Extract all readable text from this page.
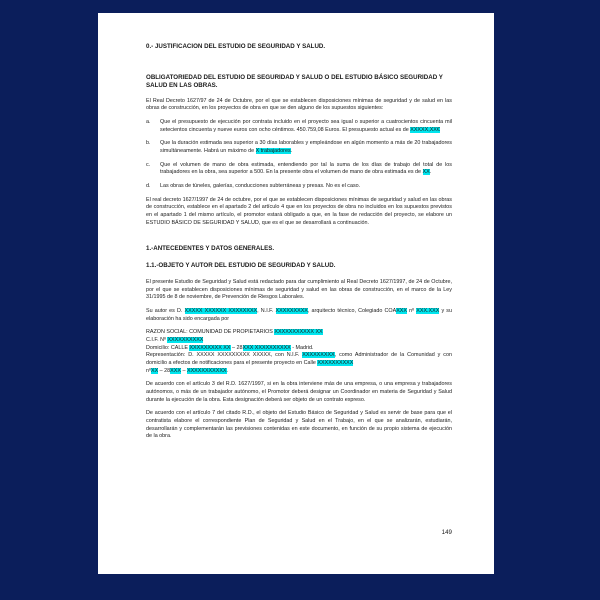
0.- JUSTIFICACION DEL ESTUDIO DE SEGURIDAD Y SALUD.
OBLIGATORIEDAD DEL ESTUDIO DE SEGURIDAD Y SALUD O DEL ESTUDIO BÁSICO SEGURIDAD Y SALUD EN LAS OBRAS.

El Real Decreto 1627/97 de 24 de Octubre, por el que se establecen disposiciones mínimas de seguridad y de salud en las obras de construcción, en los proyectos de obra en que se den alguno de los supuestos siguientes:

a.	Que el presupuesto de ejecución por contrata incluido en el proyecto sea igual o superior a cuatrocientos cincuenta mil setecientos cincuenta y nueve euros con ocho céntimos. 450.759,08 Euros. El presupuesto actual es de XXXXX,XX€
b.	Que la duración estimada sea superior a 30 días laborables y empleándose en algún momento a más de 20 trabajadores simultáneamente. Habrá un máximo de X trabajadores.
c.	Que el volumen de mano de obra estimada, entendiendo por tal la suma de los días de trabajo del total de los trabajadores en la obra, sea superior a 500. En la presente obra el volumen de mano de obra estimada es de XX.
d.	Las obras de túneles, galerías, conducciones subterráneas y presas. No es el caso.

El real decreto 1627/1997 de 24 de octubre, por el que se establecen disposiciones mínimas de seguridad y salud en las obras de construcción, establece en el apartado 2 del artículo 4 que en los proyectos de obra no incluidos en los supuestos previstos en el apartado 1 del mismo artículo, el promotor estará obligado a que, en la fase de redacción del proyecto, se elabore un ESTUDIO BÁSICO DE SEGURIDAD Y SALUD, que es el que se desarrollará a continuación.

1.-ANTECEDENTES Y DATOS GENERALES.
1.1.-OBJETO Y AUTOR DEL ESTUDIO DE SEGURIDAD Y SALUD.

El presente Estudio de Seguridad y Salud está redactado para dar cumplimiento al Real Decreto 1627/1997, de 24 de Octubre, por el que se establecen disposiciones mínimas de seguridad y salud en las obras de construcción, en el marco de la Ley 31/1995 de 8 de noviembre, de Prevención de Riesgos Laborales.

Su autor es D. XXXXX XXXXXX XXXXXXXX, N.I.F. XXXXXXXXX, arquitecto técnico, Colegiado COAXXX nº XXX.XXX y su elaboración ha sido encargada por

RAZON SOCIAL: COMUNIDAD DE PROPIETARIOS XXXXXXXXXXX XX
C.I.F. Nº XXXXXXXXXX
Domicilio: CALLE XXXXXXXXX XX – 28XXX XXXXXXXXXX - Madrid.
Representación: D. XXXXX XXXXXXXXX XXXXX, con N.I.F. XXXXXXXXX, como Administrador de la Comunidad y con domicilio a efectos de notificaciones para el presente proyecto en Calle XXXXXXXXXX
nºXX – 28XXX – XXXXXXXXXXX.

De acuerdo con el artículo 3 del R.D. 1627/1997, si en la obra interviene más de una empresa, o una empresa y trabajadores autónomos, o más de un trabajador autónomo, el Promotor deberá designar un Coordinador en materia de Seguridad y Salud durante la ejecución de la obra. Esta designación deberá ser objeto de un contrato expreso.

De acuerdo con el artículo 7 del citado R.D., el objeto del Estudio Básico de Seguridad y Salud es servir de base para que el contratista elabore el correspondiente Plan de Seguridad y Salud en el Trabajo, en el que se analizarán, estudiarán, desarrollarán y complementarán las previsiones contenidas en este documento, en función de su propio sistema de ejecución de la obra.

149
